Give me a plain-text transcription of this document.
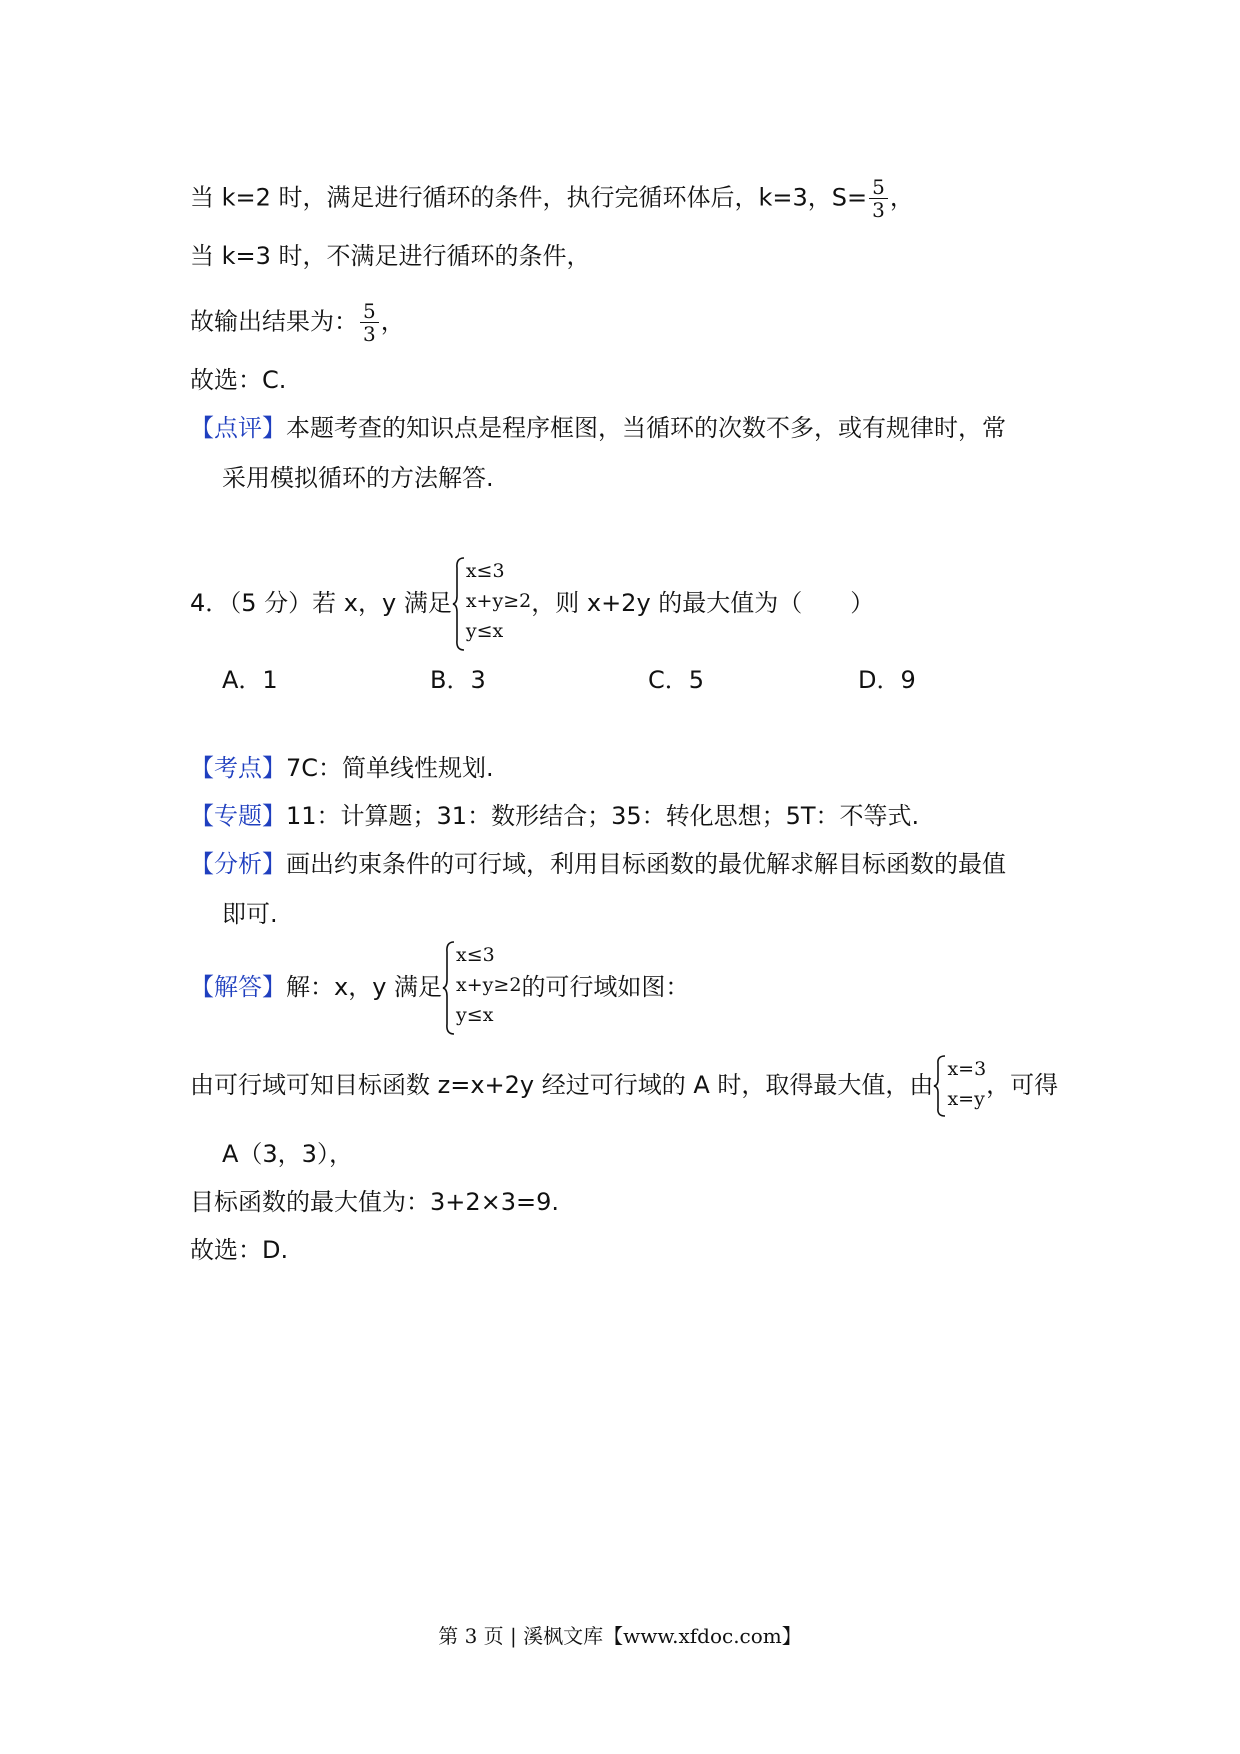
当 k=2 时，满足进行循环的条件，执行完循环体后，k=3，$S= \frac{5}{3}$ ，
当 k=3 时，不满足进行循环的条件，
故输出结果为： $\frac{5}{3}$ ，
故选：C.
【点评】本题考查的知识点是程序框图，当循环的次数不多，或有规律时，常
采用模拟循环的方法解答.
4．（5 分）若 x，y 满足
x≤3
x+y≥2
y≤x
，则 x+2y 的最大值为（　　）
A．1	B．3	C．5	D．9
【考点】7C：简单线性规划.
【专题】11：计算题；31：数形结合；35：转化思想；5T：不等式.
【分析】画出约束条件的可行域，利用目标函数的最优解求解目标函数的最值
即可.
【解答】解：x，y 满足
x≤3
x+y≥2
y≤x
的可行域如图：
由可行域可知目标函数 z=x+2y 经过可行域的 A 时，取得最大值，由
x=3
x=y ，可得
A（3，3），
目标函数的最大值为：3+2×3=9.
故选：D.
第 3 页 | 溪枫文库【www.xfdoc.com】
